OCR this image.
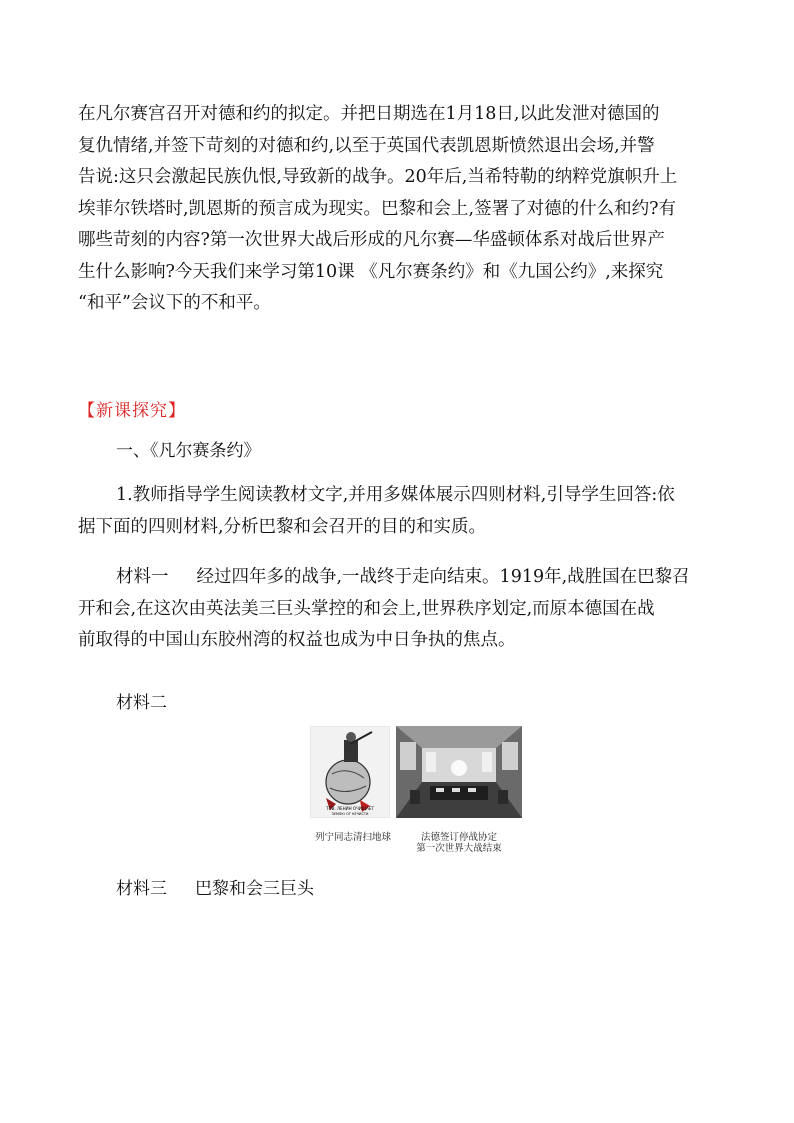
在凡尔赛宫召开对德和约的拟定。并把日期选在1月18日,以此发泄对德国的
复仇情绪,并签下苛刻的对德和约,以至于英国代表凯恩斯愤然退出会场,并警
告说:这只会激起民族仇恨,导致新的战争。20年后,当希特勒的纳粹党旗帜升上
埃菲尔铁塔时,凯恩斯的预言成为现实。巴黎和会上,签署了对德的什么和约?有
哪些苛刻的内容?第一次世界大战后形成的凡尔赛—华盛顿体系对战后世界产
生什么影响?今天我们来学习第10课 《凡尔赛条约》和《九国公约》,来探究
“和平”会议下的不和平。

【新课探究】

一、《凡尔赛条约》

1.教师指导学生阅读教材文字,并用多媒体展示四则材料,引导学生回答:依
据下面的四则材料,分析巴黎和会召开的目的和实质。

材料一 经过四年多的战争,一战终于走向结束。1919年,战胜国在巴黎召
开和会,在这次由英法美三巨头掌控的和会上,世界秩序划定,而原本德国在战
前取得的中国山东胶州湾的权益也成为中日争执的焦点。

材料二

ТОВ. ЛЕНИН ОЧИЩАЕТ
ЗЕМЛЮ ОТ НЕЧИСТИ
列宁同志清扫地球	法德签订停战协定
第一次世界大战结束

材料三 巴黎和会三巨头
